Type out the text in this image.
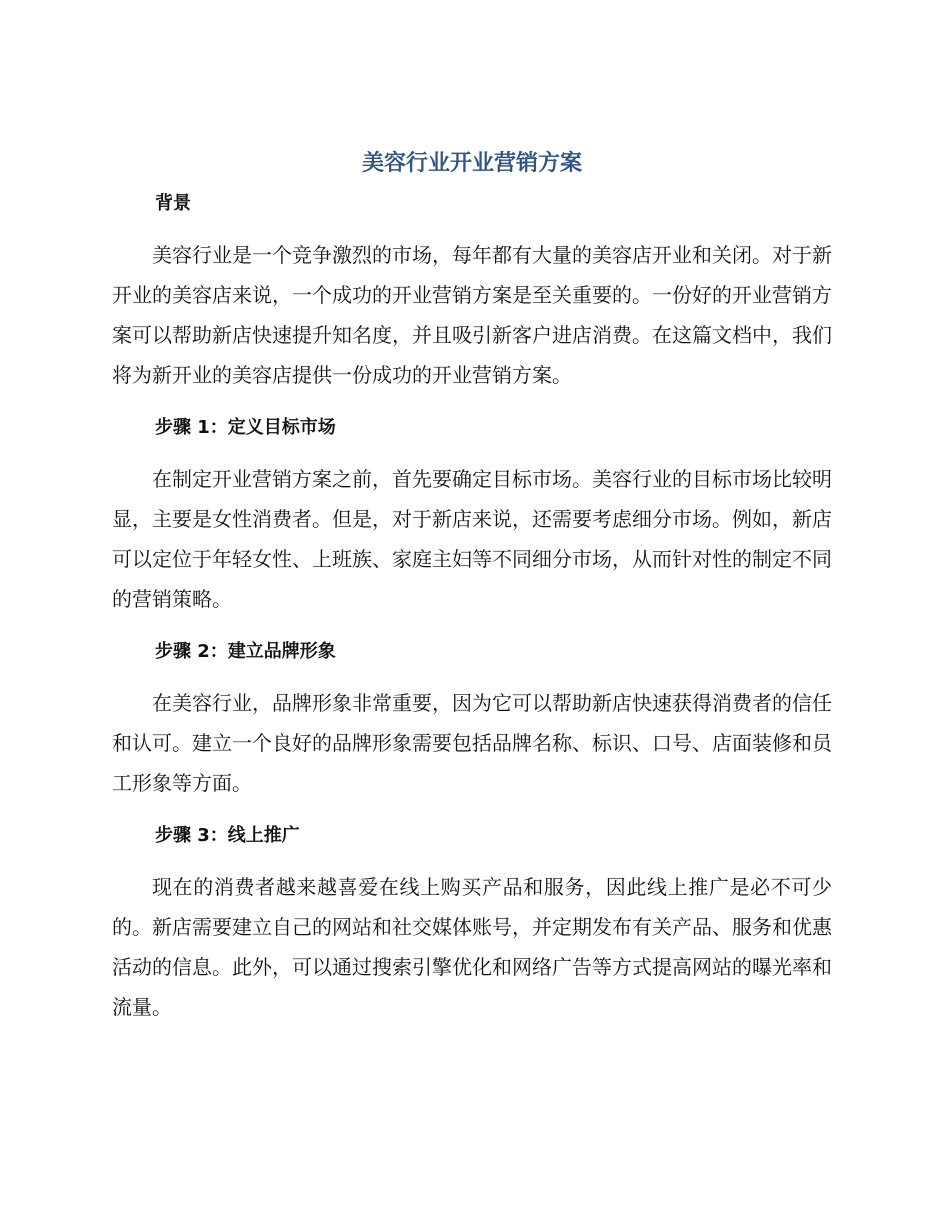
美容行业开业营销方案
背景

美容行业是一个竞争激烈的市场，每年都有大量的美容店开业和关闭。对于新开业的美容店来说，一个成功的开业营销方案是至关重要的。一份好的开业营销方案可以帮助新店快速提升知名度，并且吸引新客户进店消费。在这篇文档中，我们将为新开业的美容店提供一份成功的开业营销方案。

步骤 1：定义目标市场

在制定开业营销方案之前，首先要确定目标市场。美容行业的目标市场比较明显，主要是女性消费者。但是，对于新店来说，还需要考虑细分市场。例如，新店可以定位于年轻女性、上班族、家庭主妇等不同细分市场，从而针对性的制定不同的营销策略。

步骤 2：建立品牌形象

在美容行业，品牌形象非常重要，因为它可以帮助新店快速获得消费者的信任和认可。建立一个良好的品牌形象需要包括品牌名称、标识、口号、店面装修和员工形象等方面。

步骤 3：线上推广

现在的消费者越来越喜爱在线上购买产品和服务，因此线上推广是必不可少的。新店需要建立自己的网站和社交媒体账号，并定期发布有关产品、服务和优惠活动的信息。此外，可以通过搜索引擎优化和网络广告等方式提高网站的曝光率和流量。
